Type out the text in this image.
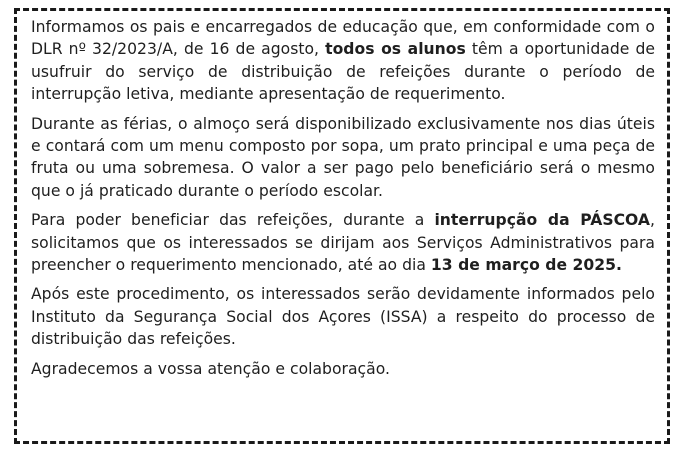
Informamos os pais e encarregados de educação que, em conformidade com o DLR nº 32/2023/A, de 16 de agosto, todos os alunos têm a oportunidade de usufruir do serviço de distribuição de refeições durante o período de interrupção letiva, mediante apresentação de requerimento.

Durante as férias, o almoço será disponibilizado exclusivamente nos dias úteis e contará com um menu composto por sopa, um prato principal e uma peça de fruta ou uma sobremesa. O valor a ser pago pelo beneficiário será o mesmo que o já praticado durante o período escolar.

Para poder beneficiar das refeições, durante a interrupção da PÁSCOA, solicitamos que os interessados se dirijam aos Serviços Administrativos para preencher o requerimento mencionado, até ao dia 13 de março de 2025.

Após este procedimento, os interessados serão devidamente informados pelo Instituto da Segurança Social dos Açores (ISSA) a respeito do processo de distribuição das refeições.

Agradecemos a vossa atenção e colaboração.
